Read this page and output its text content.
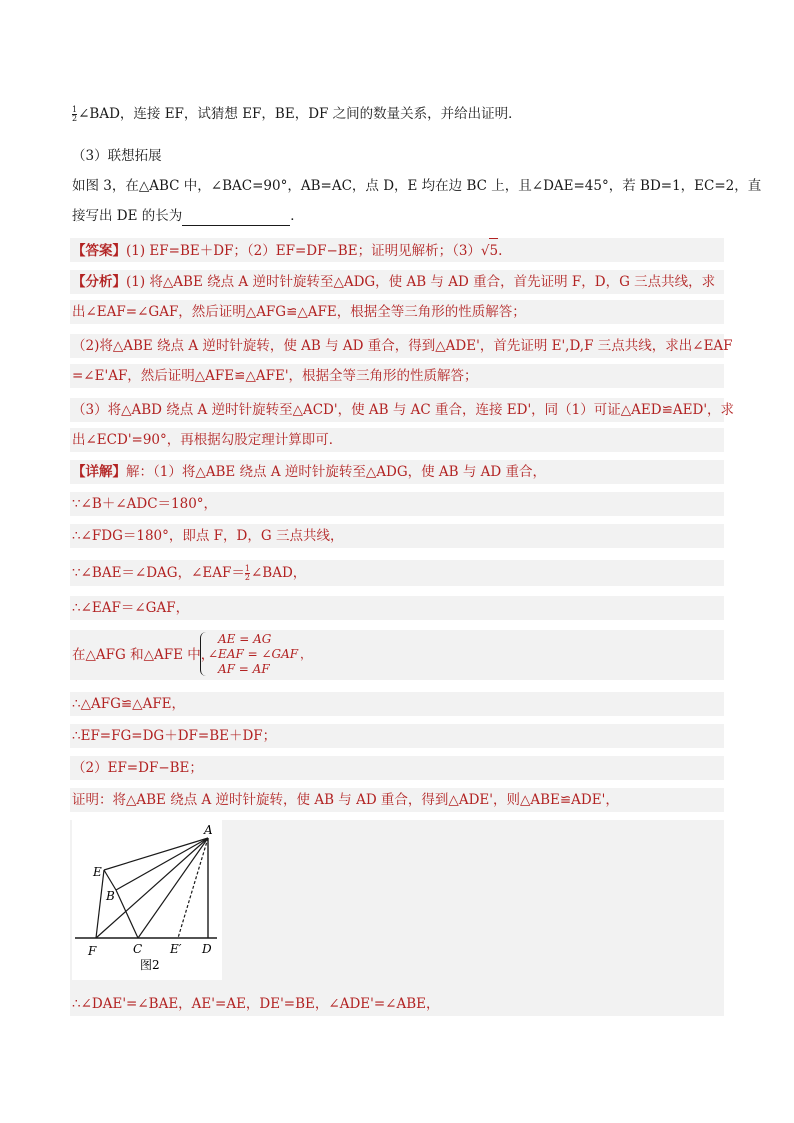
$\frac{1}{2}$ ∠BAD，连接 EF，试猜想 EF，BE，DF 之间的数量关系，并给出证明．
（3）联想拓展
如图 3，在△ABC 中，∠BAC=90°，AB=AC，点 D，E 均在边 BC 上，且∠DAE=45°，若 BD=1，EC=2，直
接写出 DE 的长为	．
【答案】(1) EF=BE＋DF；（2）EF=DF−BE；证明见解析；（3）√5.
【分析】(1) 将△ABE 绕点 A 逆时针旋转至△ADG，使 AB 与 AD 重合，首先证明 F，D，G 三点共线，求
出∠EAF=∠GAF，然后证明△AFG≌△AFE，根据全等三角形的性质解答；
（2)将△ABE 绕点 A 逆时针旋转，使 AB 与 AD 重合，得到△ADE'，首先证明 E',D,F 三点共线，求出∠EAF
=∠E'AF，然后证明△AFE≌△AFE'，根据全等三角形的性质解答；
（3）将△ABD 绕点 A 逆时针旋转至△ACD'，使 AB 与 AC 重合，连接 ED'，同（1）可证△AED≌AED'，求
出∠ECD'=90°，再根据勾股定理计算即可．
【详解】解：（1）将△ABE 绕点 A 逆时针旋转至△ADG，使 AB 与 AD 重合，
∵∠B＋∠ADC＝180°，
∴∠FDG＝180°，即点 F，D，G 三点共线，
∵∠BAE＝∠DAG，∠EAF＝ $\frac{1}{2}$ ∠BAD，
∴∠EAF＝∠GAF，
在△AFG 和△AFE 中，
AE = AG
∠EAF = ∠GAF
AF = AF
，
∴△AFG≌△AFE，
∴EF=FG=DG＋DF=BE＋DF；
（2）EF=DF−BE；
证明：将△ABE 绕点 A 逆时针旋转，使 AB 与 AD 重合，得到△ADE'，则△ABE≌ADE'，
A
E
B
F	C E′ D
图2
∴∠DAE'=∠BAE，AE'=AE，DE'=BE，∠ADE'=∠ABE，
